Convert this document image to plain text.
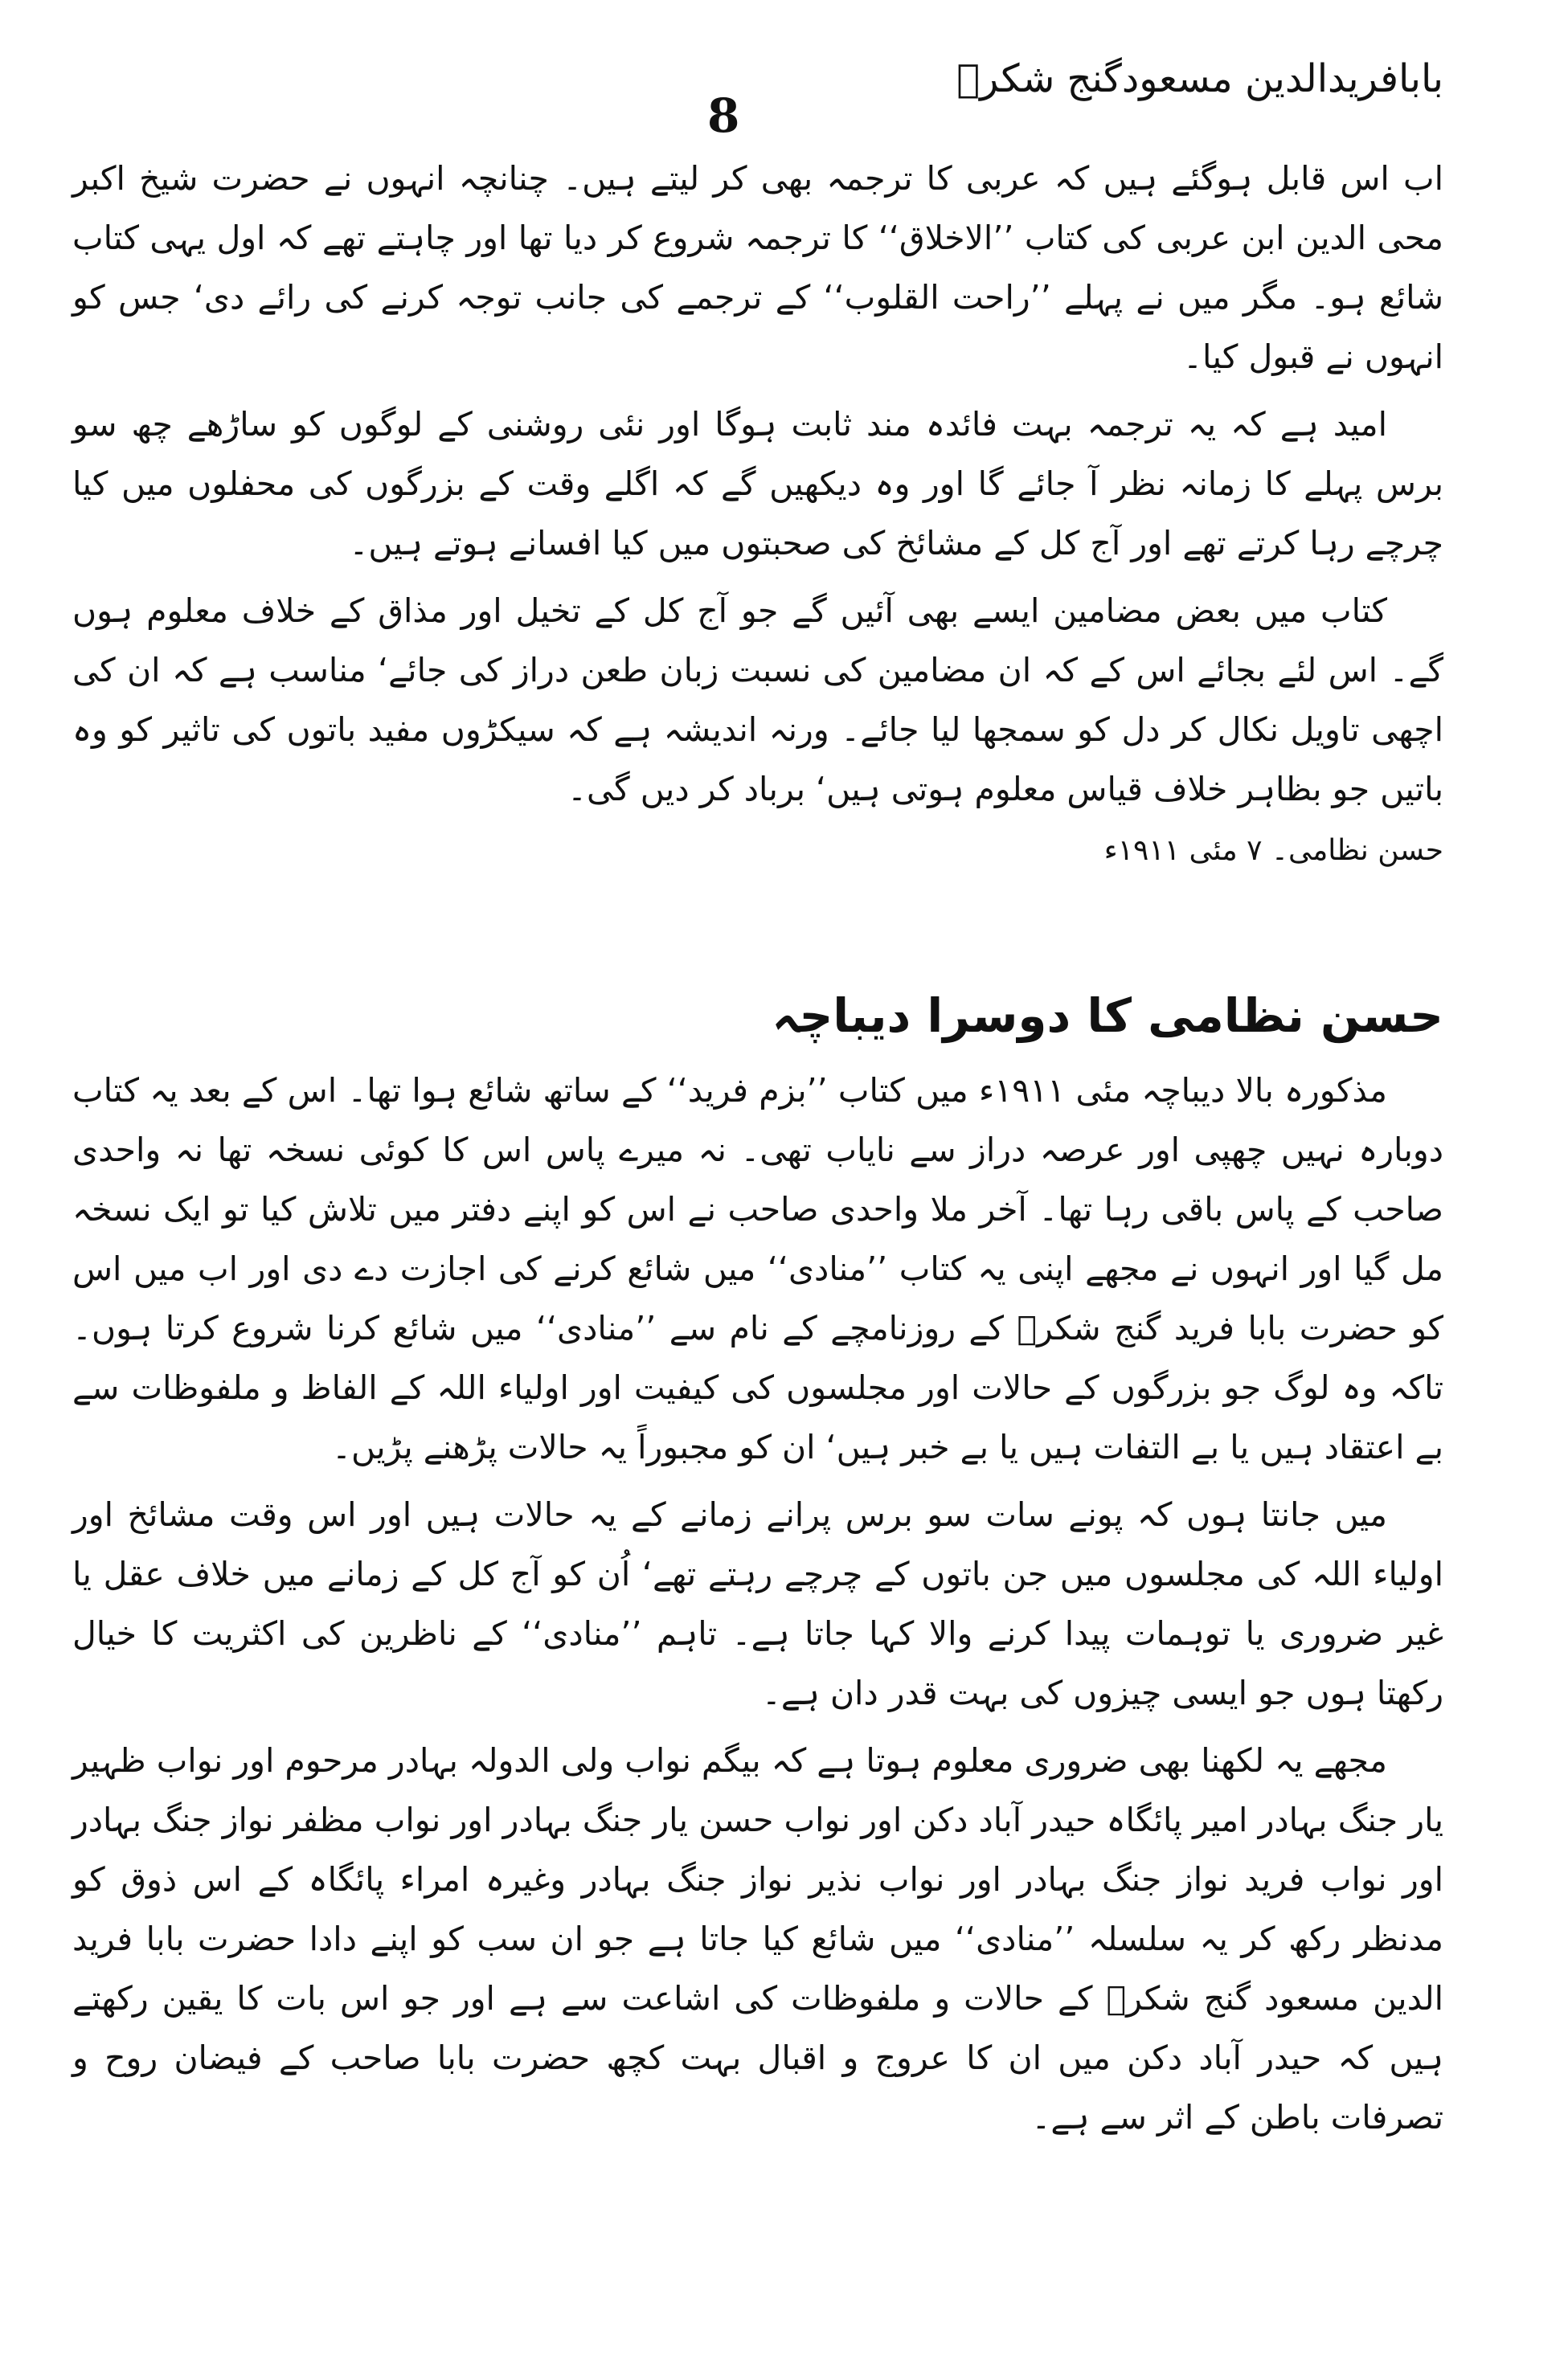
8
بابافریدالدین مسعودگنج شکرؒ

اب اس قابل ہوگئے ہیں کہ عربی کا ترجمہ بھی کر لیتے ہیں۔ چنانچہ انہوں نے حضرت شیخ اکبر محی الدین ابن عربی کی کتاب ’’الاخلاق‘‘ کا ترجمہ شروع کر دیا تھا اور چاہتے تھے کہ اول یہی کتاب شائع ہو۔ مگر میں نے پہلے ’’راحت القلوب‘‘ کے ترجمے کی جانب توجہ کرنے کی رائے دی‘ جس کو انہوں نے قبول کیا۔

امید ہے کہ یہ ترجمہ بہت فائدہ مند ثابت ہوگا اور نئی روشنی کے لوگوں کو ساڑھے چھ سو برس پہلے کا زمانہ نظر آ جائے گا اور وہ دیکھیں گے کہ اگلے وقت کے بزرگوں کی محفلوں میں کیا چرچے رہا کرتے تھے اور آج کل کے مشائخ کی صحبتوں میں کیا افسانے ہوتے ہیں۔

کتاب میں بعض مضامین ایسے بھی آئیں گے جو آج کل کے تخیل اور مذاق کے خلاف معلوم ہوں گے۔ اس لئے بجائے اس کے کہ ان مضامین کی نسبت زبان طعن دراز کی جائے‘ مناسب ہے کہ ان کی اچھی تاویل نکال کر دل کو سمجھا لیا جائے۔ ورنہ اندیشہ ہے کہ سیکڑوں مفید باتوں کی تاثیر کو وہ باتیں جو بظاہر خلاف قیاس معلوم ہوتی ہیں‘ برباد کر دیں گی۔

حسن نظامی۔ ۷ مئی ۱۹۱۱ء
حسن نظامی کا دوسرا دیباچہ

مذکورہ بالا دیباچہ مئی ۱۹۱۱ء میں کتاب ’’بزم فرید‘‘ کے ساتھ شائع ہوا تھا۔ اس کے بعد یہ کتاب دوبارہ نہیں چھپی اور عرصہ دراز سے نایاب تھی۔ نہ میرے پاس اس کا کوئی نسخہ تھا نہ واحدی صاحب کے پاس باقی رہا تھا۔ آخر ملا واحدی صاحب نے اس کو اپنے دفتر میں تلاش کیا تو ایک نسخہ مل گیا اور انہوں نے مجھے اپنی یہ کتاب ’’منادی‘‘ میں شائع کرنے کی اجازت دے دی اور اب میں اس کو حضرت بابا فرید گنج شکرؒ کے روزنامچے کے نام سے ’’منادی‘‘ میں شائع کرنا شروع کرتا ہوں۔ تاکہ وہ لوگ جو بزرگوں کے حالات اور مجلسوں کی کیفیت اور اولیاء اللہ کے الفاظ و ملفوظات سے بے اعتقاد ہیں یا بے التفات ہیں یا بے خبر ہیں‘ ان کو مجبوراً یہ حالات پڑھنے پڑیں۔

میں جانتا ہوں کہ پونے سات سو برس پرانے زمانے کے یہ حالات ہیں اور اس وقت مشائخ اور اولیاء اللہ کی مجلسوں میں جن باتوں کے چرچے رہتے تھے‘ اُن کو آج کل کے زمانے میں خلاف عقل یا غیر ضروری یا توہمات پیدا کرنے والا کہا جاتا ہے۔ تاہم ’’منادی‘‘ کے ناظرین کی اکثریت کا خیال رکھتا ہوں جو ایسی چیزوں کی بہت قدر دان ہے۔

مجھے یہ لکھنا بھی ضروری معلوم ہوتا ہے کہ بیگم نواب ولی الدولہ بہادر مرحوم اور نواب ظہیر یار جنگ بہادر امیر پائگاہ حیدر آباد دکن اور نواب حسن یار جنگ بہادر اور نواب مظفر نواز جنگ بہادر اور نواب فرید نواز جنگ بہادر اور نواب نذیر نواز جنگ بہادر وغیرہ امراء پائگاہ کے اس ذوق کو مدنظر رکھ کر یہ سلسلہ ’’منادی‘‘ میں شائع کیا جاتا ہے جو ان سب کو اپنے دادا حضرت بابا فرید الدین مسعود گنج شکرؒ کے حالات و ملفوظات کی اشاعت سے ہے اور جو اس بات کا یقین رکھتے ہیں کہ حیدر آباد دکن میں ان کا عروج و اقبال بہت کچھ حضرت بابا صاحب کے فیضان روح و تصرفات باطن کے اثر سے ہے۔
